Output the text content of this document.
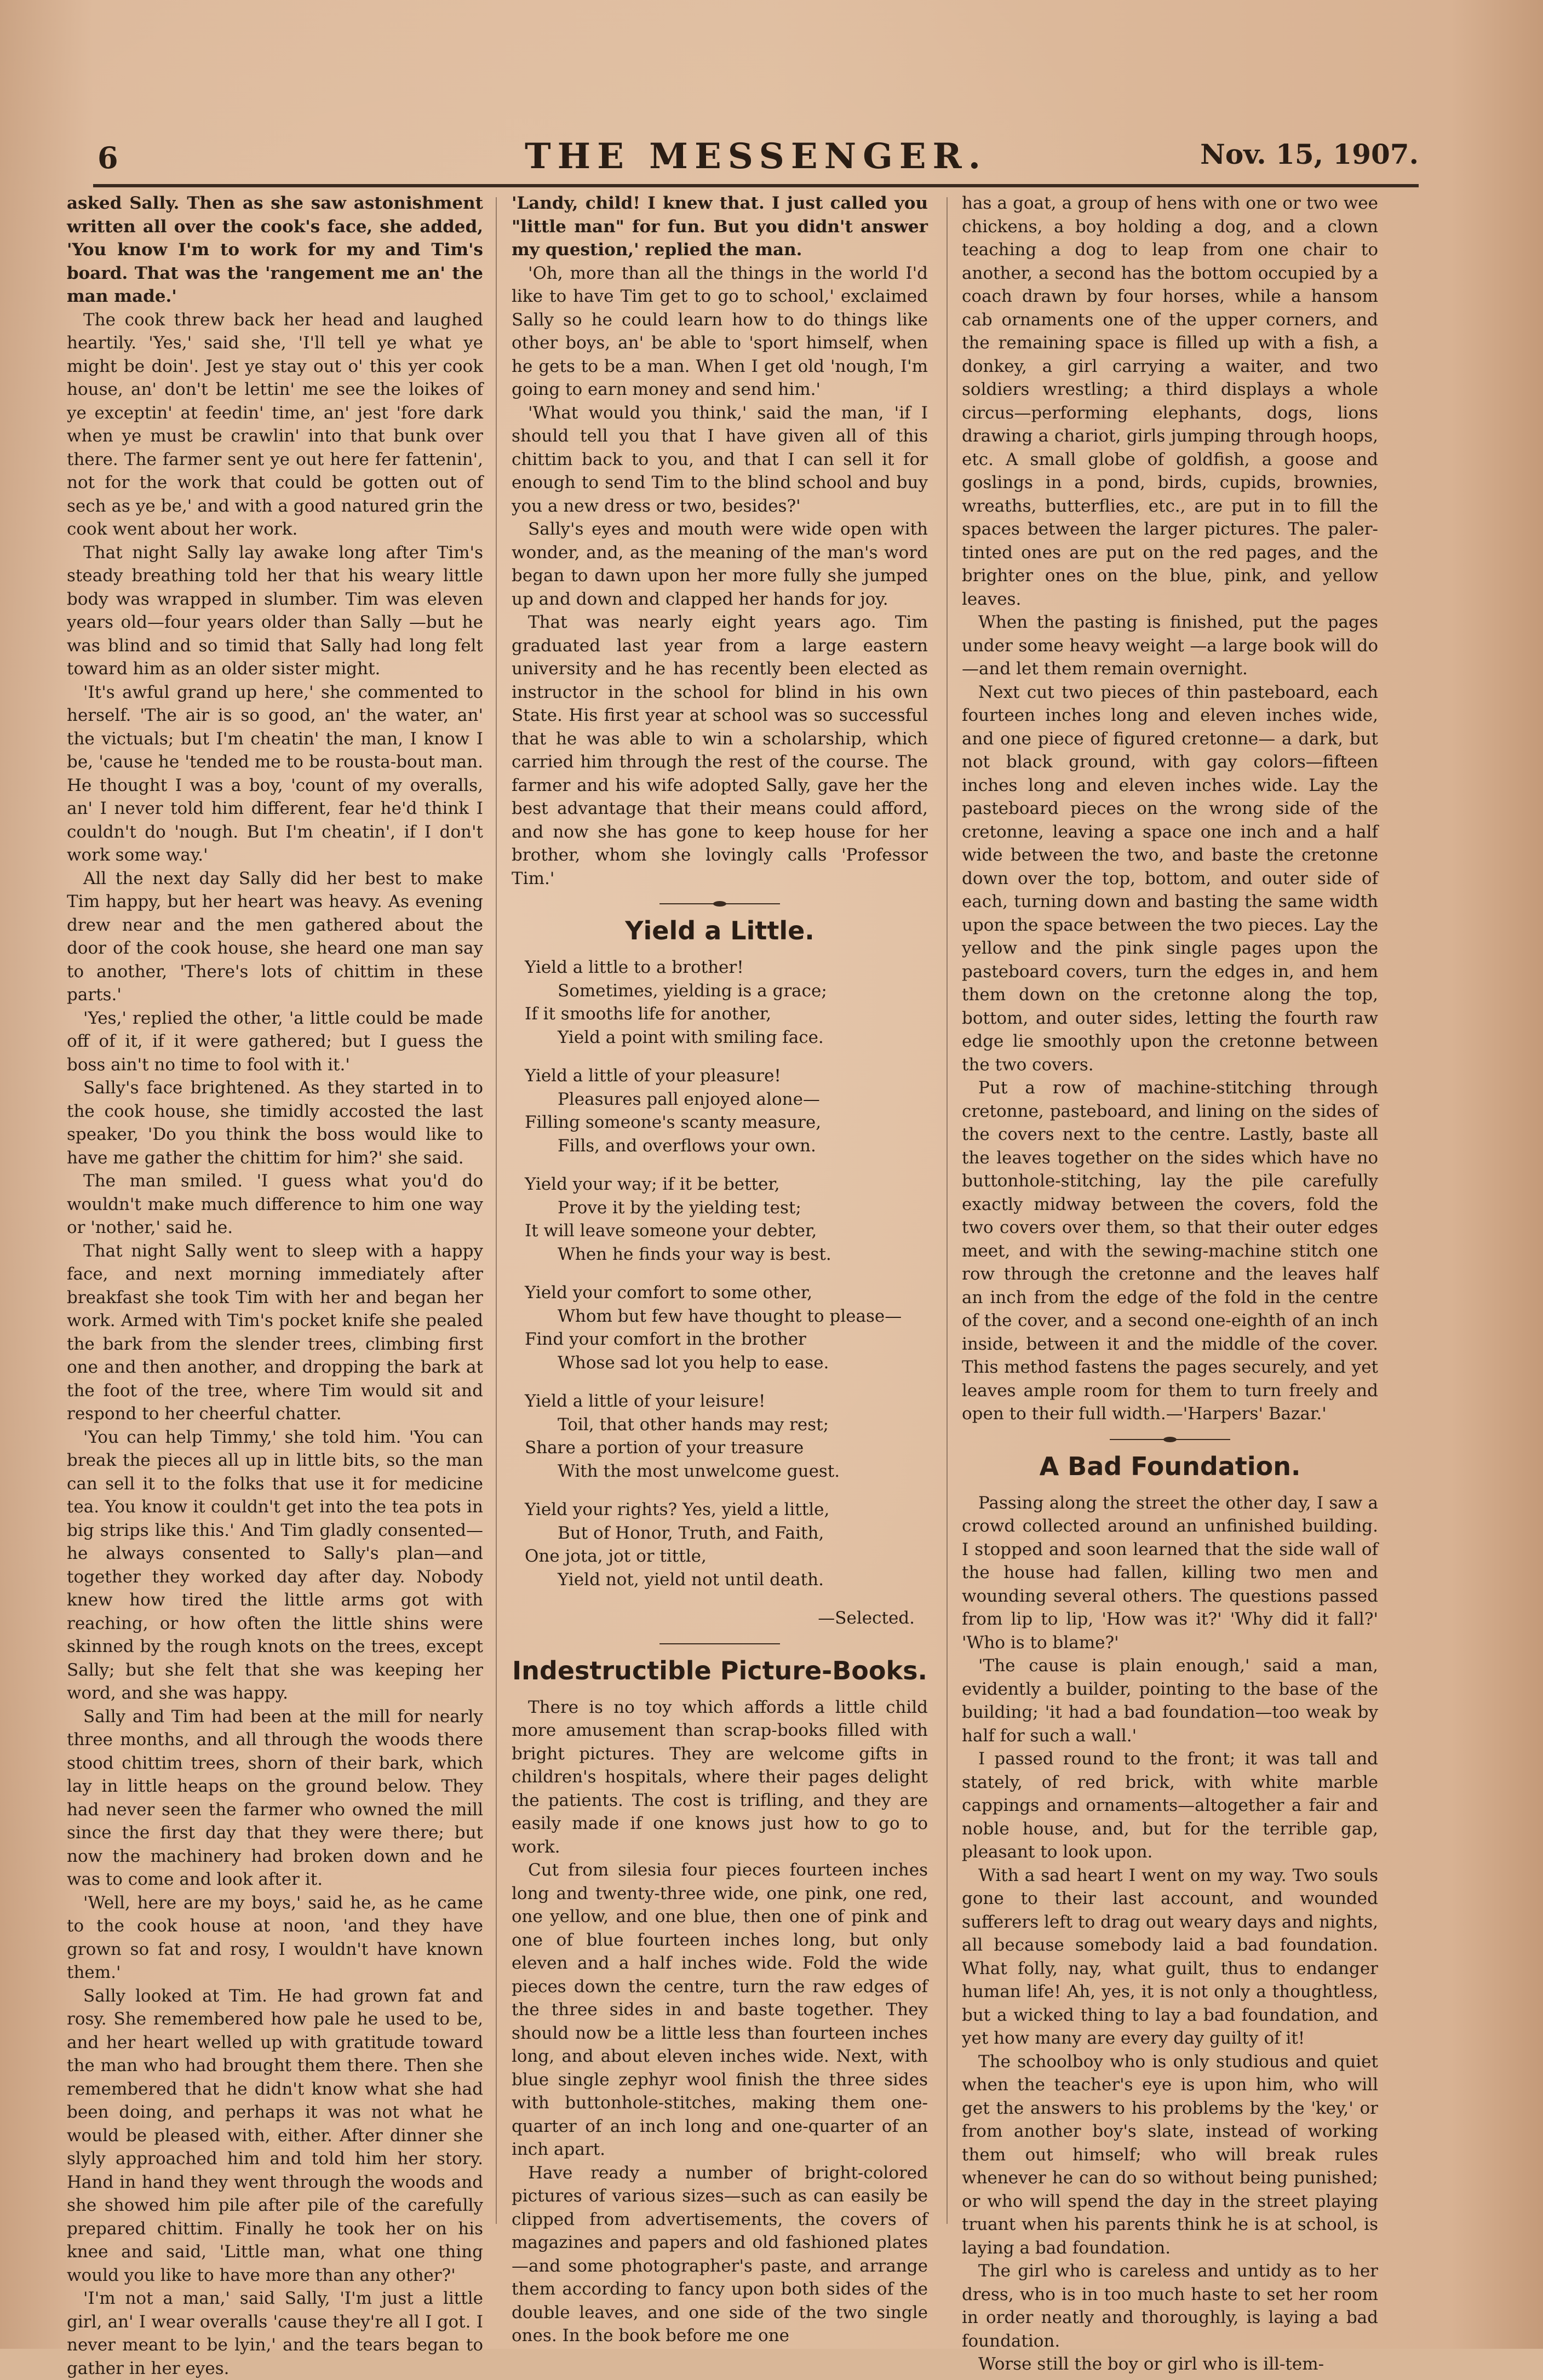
6	THE MESSENGER.	Nov. 15, 1907.

asked Sally. Then as she saw astonishment written all over the cook's face, she added, 'You know I'm to work for my and Tim's board. That was the 'rangement me an' the man made.'

The cook threw back her head and laughed heartily. 'Yes,' said she, 'I'll tell ye what ye might be doin'. Jest ye stay out o' this yer cook house, an' don't be lettin' me see the loikes of ye exceptin' at feedin' time, an' jest 'fore dark when ye must be crawlin' into that bunk over there. The farmer sent ye out here fer fattenin', not for the work that could be gotten out of sech as ye be,' and with a good natured grin the cook went about her work.

That night Sally lay awake long after Tim's steady breathing told her that his weary little body was wrapped in slumber. Tim was eleven years old—four years older than Sally —but he was blind and so timid that Sally had long felt toward him as an older sister might.

'It's awful grand up here,' she commented to herself. 'The air is so good, an' the water, an' the victuals; but I'm cheatin' the man, I know I be, 'cause he 'tended me to be rousta-bout man. He thought I was a boy, 'count of my overalls, an' I never told him different, fear he'd think I couldn't do 'nough. But I'm cheatin', if I don't work some way.'

All the next day Sally did her best to make Tim happy, but her heart was heavy. As evening drew near and the men gathered about the door of the cook house, she heard one man say to another, 'There's lots of chittim in these parts.'

'Yes,' replied the other, 'a little could be made off of it, if it were gathered; but I guess the boss ain't no time to fool with it.'

Sally's face brightened. As they started in to the cook house, she timidly accosted the last speaker, 'Do you think the boss would like to have me gather the chittim for him?' she said.

The man smiled. 'I guess what you'd do wouldn't make much difference to him one way or 'nother,' said he.

That night Sally went to sleep with a happy face, and next morning immediately after breakfast she took Tim with her and began her work. Armed with Tim's pocket knife she pealed the bark from the slender trees, climbing first one and then another, and dropping the bark at the foot of the tree, where Tim would sit and respond to her cheerful chatter.

'You can help Timmy,' she told him. 'You can break the pieces all up in little bits, so the man can sell it to the folks that use it for medicine tea. You know it couldn't get into the tea pots in big strips like this.' And Tim gladly consented—he always consented to Sally's plan—and together they worked day after day. Nobody knew how tired the little arms got with reaching, or how often the little shins were skinned by the rough knots on the trees, except Sally; but she felt that she was keeping her word, and she was happy.

Sally and Tim had been at the mill for nearly three months, and all through the woods there stood chittim trees, shorn of their bark, which lay in little heaps on the ground below. They had never seen the farmer who owned the mill since the first day that they were there; but now the machinery had broken down and he was to come and look after it.

'Well, here are my boys,' said he, as he came to the cook house at noon, 'and they have grown so fat and rosy, I wouldn't have known them.'

Sally looked at Tim. He had grown fat and rosy. She remembered how pale he used to be, and her heart welled up with gratitude toward the man who had brought them there. Then she remembered that he didn't know what she had been doing, and perhaps it was not what he would be pleased with, either. After dinner she slyly approached him and told him her story. Hand in hand they went through the woods and she showed him pile after pile of the carefully prepared chittim. Finally he took her on his knee and said, 'Little man, what one thing would you like to have more than any other?'

'I'm not a man,' said Sally, 'I'm just a little girl, an' I wear overalls 'cause they're all I got. I never meant to be lyin,' and the tears began to gather in her eyes.

'Landy, child! I knew that. I just called you "little man" for fun. But you didn't answer my question,' replied the man.

'Oh, more than all the things in the world I'd like to have Tim get to go to school,' exclaimed Sally so he could learn how to do things like other boys, an' be able to 'sport himself, when he gets to be a man. When I get old 'nough, I'm going to earn money and send him.'

'What would you think,' said the man, 'if I should tell you that I have given all of this chittim back to you, and that I can sell it for enough to send Tim to the blind school and buy you a new dress or two, besides?'

Sally's eyes and mouth were wide open with wonder, and, as the meaning of the man's word began to dawn upon her more fully she jumped up and down and clapped her hands for joy.

That was nearly eight years ago. Tim graduated last year from a large eastern university and he has recently been elected as instructor in the school for blind in his own State. His first year at school was so successful that he was able to win a scholarship, which carried him through the rest of the course. The farmer and his wife adopted Sally, gave her the best advantage that their means could afford, and now she has gone to keep house for her brother, whom she lovingly calls 'Professor Tim.'

Yield a Little.
Yield a little to a brother!
Sometimes, yielding is a grace;
If it smooths life for another,
Yield a point with smiling face.
Yield a little of your pleasure!
Pleasures pall enjoyed alone—
Filling someone's scanty measure,
Fills, and overflows your own.
Yield your way; if it be better,
Prove it by the yielding test;
It will leave someone your debter,
When he finds your way is best.
Yield your comfort to some other,
Whom but few have thought to please—
Find your comfort in the brother
Whose sad lot you help to ease.
Yield a little of your leisure!
Toil, that other hands may rest;
Share a portion of your treasure
With the most unwelcome guest.
Yield your rights? Yes, yield a little,
But of Honor, Truth, and Faith,
One jota, jot or tittle,
Yield not, yield not until death.

—Selected.

Indestructible Picture-Books.

There is no toy which affords a little child more amusement than scrap-books filled with bright pictures. They are welcome gifts in children's hospitals, where their pages delight the patients. The cost is trifling, and they are easily made if one knows just how to go to work.

Cut from silesia four pieces fourteen inches long and twenty-three wide, one pink, one red, one yellow, and one blue, then one of pink and one of blue fourteen inches long, but only eleven and a half inches wide. Fold the wide pieces down the centre, turn the raw edges of the three sides in and baste together. They should now be a little less than fourteen inches long, and about eleven inches wide. Next, with blue single zephyr wool finish the three sides with buttonhole-stitches, making them one-quarter of an inch long and one-quarter of an inch apart.

Have ready a number of bright-colored pictures of various sizes—such as can easily be clipped from advertisements, the covers of magazines and papers and old fashioned plates—and some photographer's paste, and arrange them according to fancy upon both sides of the double leaves, and one side of the two single ones. In the book before me one

has a goat, a group of hens with one or two wee chickens, a boy holding a dog, and a clown teaching a dog to leap from one chair to another, a second has the bottom occupied by a coach drawn by four horses, while a hansom cab ornaments one of the upper corners, and the remaining space is filled up with a fish, a donkey, a girl carrying a waiter, and two soldiers wrestling; a third displays a whole circus—performing elephants, dogs, lions drawing a chariot, girls jumping through hoops, etc. A small globe of goldfish, a goose and goslings in a pond, birds, cupids, brownies, wreaths, butterflies, etc., are put in to fill the spaces between the larger pictures. The paler-tinted ones are put on the red pages, and the brighter ones on the blue, pink, and yellow leaves.

When the pasting is finished, put the pages under some heavy weight —a large book will do—and let them remain overnight.

Next cut two pieces of thin pasteboard, each fourteen inches long and eleven inches wide, and one piece of figured cretonne— a dark, but not black ground, with gay colors—fifteen inches long and eleven inches wide. Lay the pasteboard pieces on the wrong side of the cretonne, leaving a space one inch and a half wide between the two, and baste the cretonne down over the top, bottom, and outer side of each, turning down and basting the same width upon the space between the two pieces. Lay the yellow and the pink single pages upon the pasteboard covers, turn the edges in, and hem them down on the cretonne along the top, bottom, and outer sides, letting the fourth raw edge lie smoothly upon the cretonne between the two covers.

Put a row of machine-stitching through cretonne, pasteboard, and lining on the sides of the covers next to the centre. Lastly, baste all the leaves together on the sides which have no buttonhole-stitching, lay the pile carefully exactly midway between the covers, fold the two covers over them, so that their outer edges meet, and with the sewing-machine stitch one row through the cretonne and the leaves half an inch from the edge of the fold in the centre of the cover, and a second one-eighth of an inch inside, between it and the middle of the cover. This method fastens the pages securely, and yet leaves ample room for them to turn freely and open to their full width.—'Harpers' Bazar.'

A Bad Foundation.

Passing along the street the other day, I saw a crowd collected around an unfinished building. I stopped and soon learned that the side wall of the house had fallen, killing two men and wounding several others. The questions passed from lip to lip, 'How was it?' 'Why did it fall?' 'Who is to blame?'

'The cause is plain enough,' said a man, evidently a builder, pointing to the base of the building; 'it had a bad foundation—too weak by half for such a wall.'

I passed round to the front; it was tall and stately, of red brick, with white marble cappings and ornaments—altogether a fair and noble house, and, but for the terrible gap, pleasant to look upon.

With a sad heart I went on my way. Two souls gone to their last account, and wounded sufferers left to drag out weary days and nights, all because somebody laid a bad foundation. What folly, nay, what guilt, thus to endanger human life! Ah, yes, it is not only a thoughtless, but a wicked thing to lay a bad foundation, and yet how many are every day guilty of it!

The schoolboy who is only studious and quiet when the teacher's eye is upon him, who will get the answers to his problems by the 'key,' or from another boy's slate, instead of working them out himself; who will break rules whenever he can do so without being punished; or who will spend the day in the street playing truant when his parents think he is at school, is laying a bad foundation.

The girl who is careless and untidy as to her dress, who is in too much haste to set her room in order neatly and thoroughly, is laying a bad foundation.

Worse still the boy or girl who is ill-tem-
